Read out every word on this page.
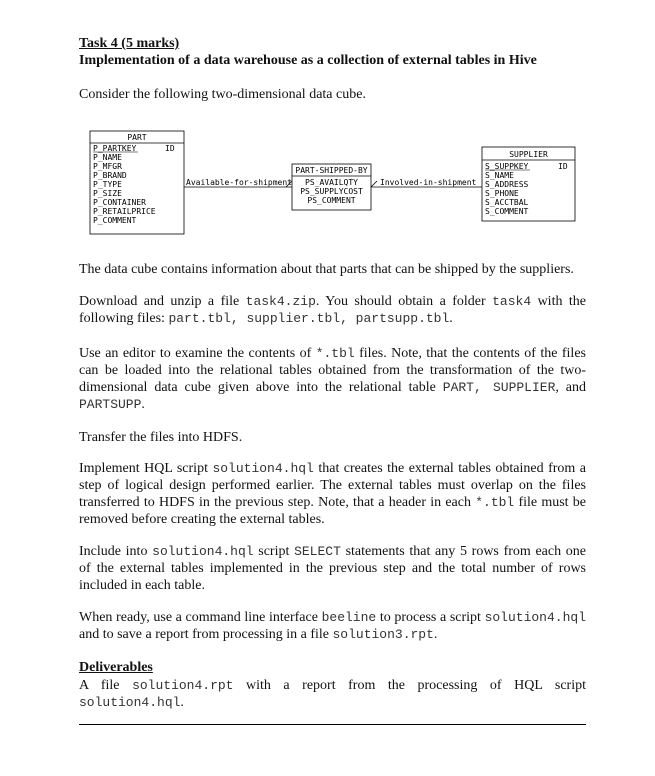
Task 4 (5 marks)
Implementation of a data warehouse as a collection of external tables in Hive
Consider the following two-dimensional data cube.
PART
ID
P_PARTKEY
P_NAME
P_MFGR
P_BRAND
P_TYPE
P_SIZE
P_CONTAINER
P_RETAILPRICE
P_COMMENT
Available-for-shipment
PART-SHIPPED-BY
PS_AVAILQTY
PS_SUPPLYCOST
PS_COMMENT
Involved-in-shipment
SUPPLIER
ID
S_SUPPKEY
S_NAME
S_ADDRESS
S_PHONE
S_ACCTBAL
S_COMMENT
The data cube contains information about that parts that can be shipped by the suppliers.
Download and unzip a file task4.zip. You should obtain a folder task4 with the following files: part.tbl, supplier.tbl, partsupp.tbl.
Use an editor to examine the contents of *.tbl files. Note, that the contents of the files can be loaded into the relational tables obtained from the transformation of the two-dimensional data cube given above into the relational table PART, SUPPLIER, and PARTSUPP.
Transfer the files into HDFS.
Implement HQL script solution4.hql that creates the external tables obtained from a step of logical design performed earlier. The external tables must overlap on the files transferred to HDFS in the previous step. Note, that a header in each *.tbl file must be removed before creating the external tables.
Include into solution4.hql script SELECT statements that any 5 rows from each one of the external tables implemented in the previous step and the total number of rows included in each table.
When ready, use a command line interface beeline to process a script solution4.hql and to save a report from processing in a file solution3.rpt.
Deliverables
A file solution4.rpt with a report from the processing of HQL script solution4.hql.
